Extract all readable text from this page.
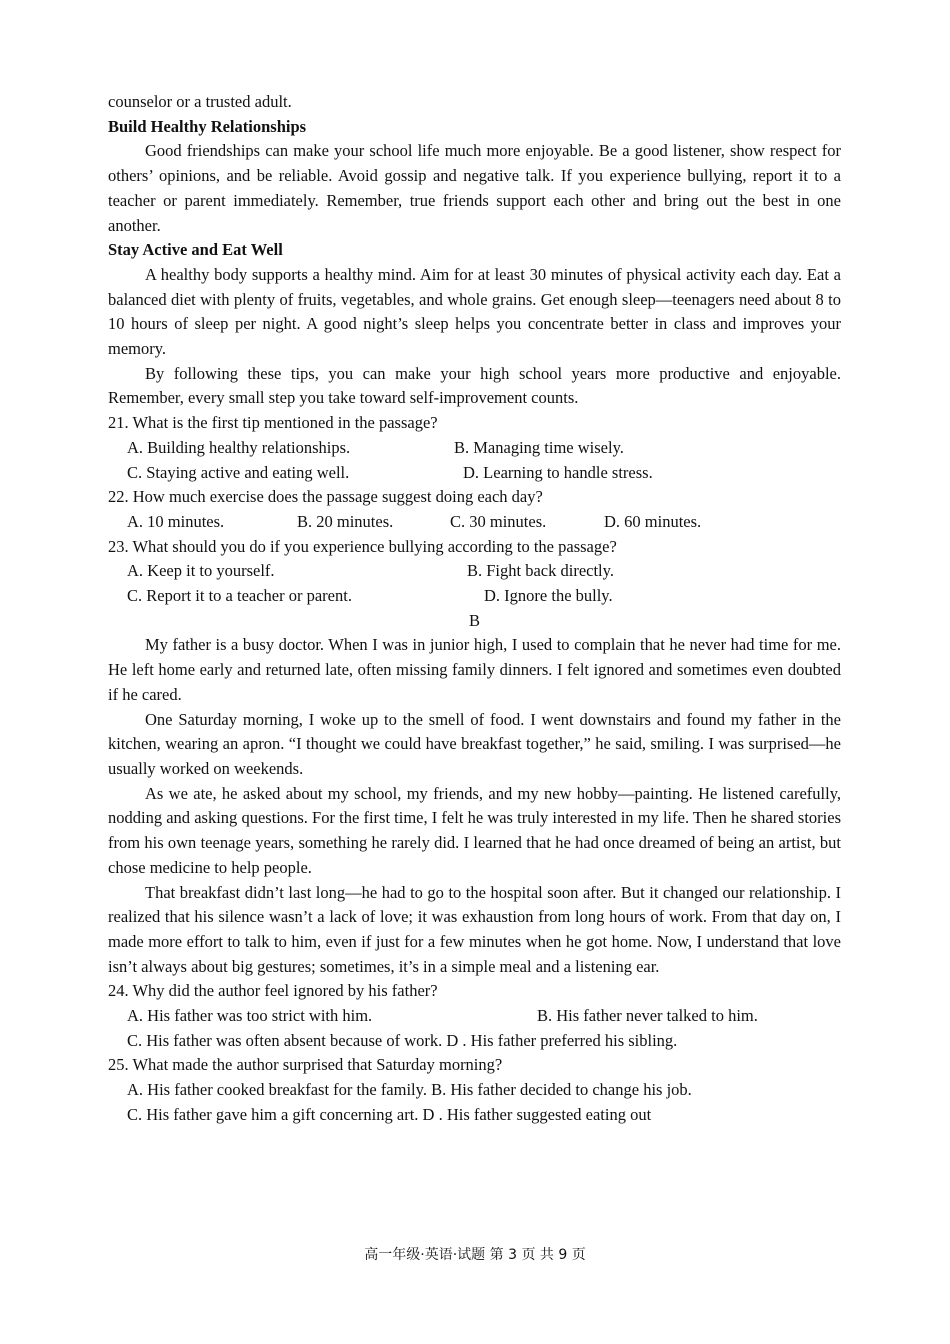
counselor or a trusted adult.

Build Healthy Relationships

Good friendships can make your school life much more enjoyable. Be a good listener, show respect for others’ opinions, and be reliable. Avoid gossip and negative talk. If you experience bullying, report it to a teacher or parent immediately. Remember, true friends support each other and bring out the best in one another.

Stay Active and Eat Well

A healthy body supports a healthy mind. Aim for at least 30 minutes of physical activity each day. Eat a balanced diet with plenty of fruits, vegetables, and whole grains. Get enough sleep—teenagers need about 8 to 10 hours of sleep per night. A good night’s sleep helps you concentrate better in class and improves your memory.

By following these tips, you can make your high school years more productive and enjoyable. Remember, every small step you take toward self-improvement counts.

21. What is the first tip mentioned in the passage?

A. Building healthy relationships.	B. Managing time wisely.
C. Staying active and eating well.	D. Learning to handle stress.

22. How much exercise does the passage suggest doing each day?

A. 10 minutes.	B. 20 minutes.	C. 30 minutes.	D. 60 minutes.

23. What should you do if you experience bullying according to the passage?

A. Keep it to yourself.	B. Fight back directly.
C. Report it to a teacher or parent.	D. Ignore the bully.

B

My father is a busy doctor. When I was in junior high, I used to complain that he never had time for me. He left home early and returned late, often missing family dinners. I felt ignored and sometimes even doubted if he cared.

One Saturday morning, I woke up to the smell of food. I went downstairs and found my father in the kitchen, wearing an apron. “I thought we could have breakfast together,” he said, smiling. I was surprised—he usually worked on weekends.

As we ate, he asked about my school, my friends, and my new hobby—painting. He listened carefully, nodding and asking questions. For the first time, I felt he was truly interested in my life. Then he shared stories from his own teenage years, something he rarely did. I learned that he had once dreamed of being an artist, but chose medicine to help people.

That breakfast didn’t last long—he had to go to the hospital soon after. But it changed our relationship. I realized that his silence wasn’t a lack of love; it was exhaustion from long hours of work. From that day on, I made more effort to talk to him, even if just for a few minutes when he got home. Now, I understand that love isn’t always about big gestures; sometimes, it’s in a simple meal and a listening ear.

24. Why did the author feel ignored by his father?

A. His father was too strict with him.	B. His father never talked to him.

C. His father was often absent because of work. D . His father preferred his sibling.

25. What made the author surprised that Saturday morning?

A. His father cooked breakfast for the family. B. His father decided to change his job.

C. His father gave him a gift concerning art. D . His father suggested eating out

高一年级·英语·试题 第 3 页 共 9 页
